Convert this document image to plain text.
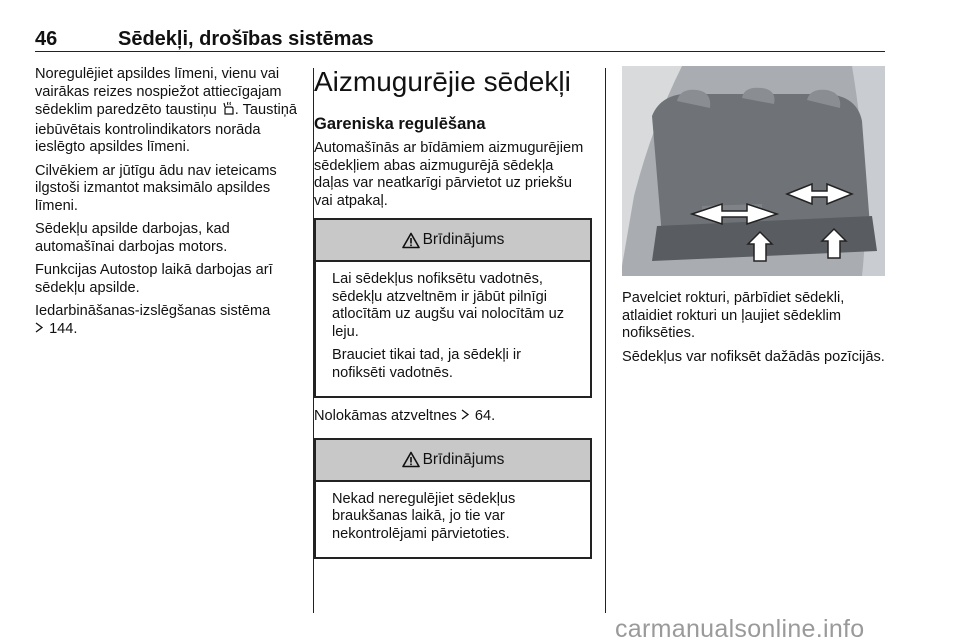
46	Sēdekļi, drošības sistēmas

Noregulējiet apsildes līmeni, vienu vai vairākas reizes nospiežot attiecīgajam sēdeklim paredzēto taustiņu . Taustiņā iebūvētais kontrolindikators norāda ieslēgto apsildes līmeni.

Cilvēkiem ar jūtīgu ādu nav ieteicams ilgstoši izmantot maksimālo apsildes līmeni.

Sēdekļu apsilde darbojas, kad automašīnai darbojas motors.

Funkcijas Autostop laikā darbojas arī sēdekļu apsilde.

Iedarbināšanas-izslēgšanas sistēma
144.

Aizmugurējie sēdekļi
Gareniska regulēšana

Automašīnās ar bīdāmiem aizmugurējiem sēdekļiem abas aizmugurējā sēdekļa daļas var neatkarīgi pārvietot uz priekšu vai atpakaļ.

Brīdinājums

Lai sēdekļus nofiksētu vadotnēs, sēdekļu atzveltnēm ir jābūt pilnīgi atlocītām uz augšu vai nolocītām uz leju.

Brauciet tikai tad, ja sēdekļi ir nofiksēti vadotnēs.

Nolokāmas atzveltnes 64.

Brīdinājums

Nekad neregulējiet sēdekļus braukšanas laikā, jo tie var nekontrolējami pārvietoties.

Pavelciet rokturi, pārbīdiet sēdekli, atlaidiet rokturi un ļaujiet sēdeklim nofiksēties.

Sēdekļus var nofiksēt dažādās pozīcijās.

carmanualsonline.info
